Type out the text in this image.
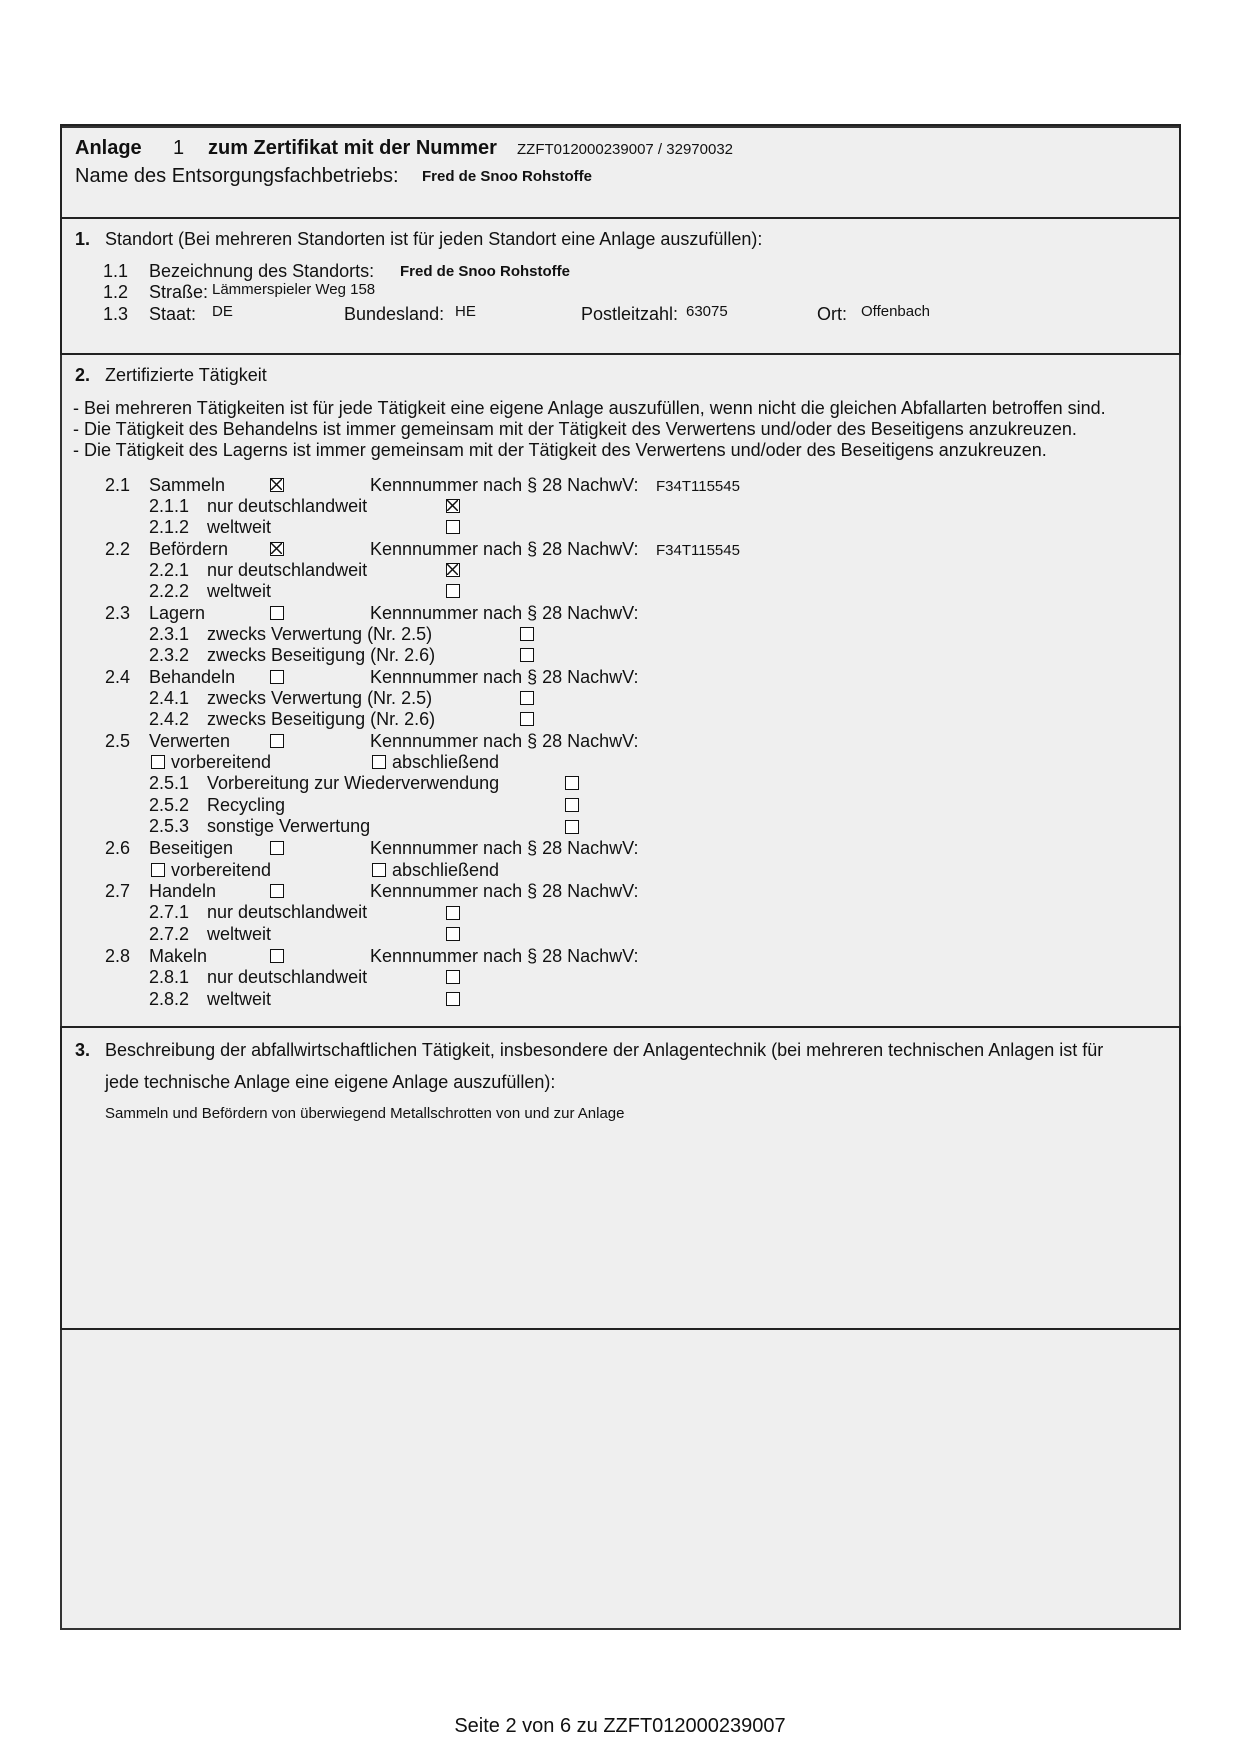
Anlage 1 zum Zertifikat mit der Nummer ZZFT012000239007 / 32970032
Name des Entsorgungsfachbetriebs: Fred de Snoo Rohstoffe
1. Standort (Bei mehreren Standorten ist für jeden Standort eine Anlage auszufüllen):
1.1 Bezeichnung des Standorts: Fred de Snoo Rohstoffe
1.2 Straße: Lämmerspieler Weg 158
1.3 Staat: DE	Bundesland: HE	Postleitzahl: 63075	Ort: Offenbach
2. Zertifizierte Tätigkeit
- Bei mehreren Tätigkeiten ist für jede Tätigkeit eine eigene Anlage auszufüllen, wenn nicht die gleichen Abfallarten betroffen sind.
- Die Tätigkeit des Behandelns ist immer gemeinsam mit der Tätigkeit des Verwertens und/oder des Beseitigens anzukreuzen.
- Die Tätigkeit des Lagerns ist immer gemeinsam mit der Tätigkeit des Verwertens und/oder des Beseitigens anzukreuzen.
2.1 Sammeln	Kennnummer nach § 28 NachwV: F34T115545
2.1.1 nur deutschlandweit
2.1.2 weltweit
2.2 Befördern	Kennnummer nach § 28 NachwV: F34T115545
2.2.1 nur deutschlandweit
2.2.2 weltweit
2.3 Lagern	Kennnummer nach § 28 NachwV:
2.3.1 zwecks Verwertung (Nr. 2.5)
2.3.2 zwecks Beseitigung (Nr. 2.6)
2.4 Behandeln	Kennnummer nach § 28 NachwV:
2.4.1 zwecks Verwertung (Nr. 2.5)
2.4.2 zwecks Beseitigung (Nr. 2.6)
2.5 Verwerten	Kennnummer nach § 28 NachwV:
vorbereitend	abschließend
2.5.1 Vorbereitung zur Wiederverwendung
2.5.2 Recycling
2.5.3 sonstige Verwertung
2.6 Beseitigen	Kennnummer nach § 28 NachwV:
vorbereitend	abschließend
2.7 Handeln	Kennnummer nach § 28 NachwV:
2.7.1 nur deutschlandweit
2.7.2 weltweit
2.8 Makeln	Kennnummer nach § 28 NachwV:
2.8.1 nur deutschlandweit
2.8.2 weltweit
3. Beschreibung der abfallwirtschaftlichen Tätigkeit, insbesondere der Anlagentechnik (bei mehreren technischen Anlagen ist für
jede technische Anlage eine eigene Anlage auszufüllen):
Sammeln und Befördern von überwiegend Metallschrotten von und zur Anlage
Seite 2 von 6 zu ZZFT012000239007
